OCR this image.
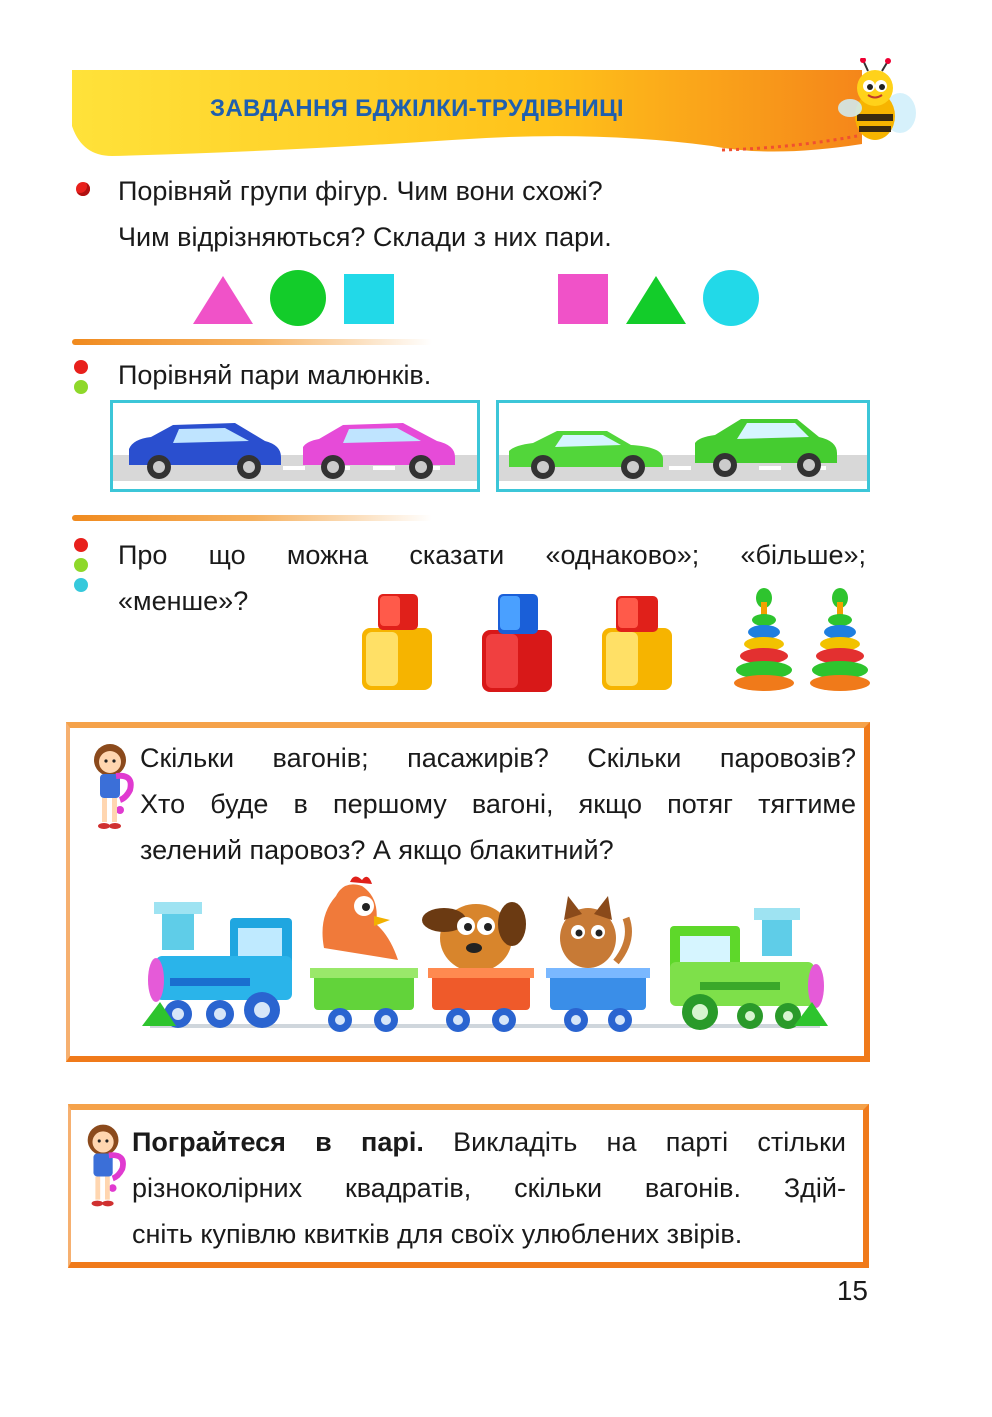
ЗАВДАННЯ БДЖІЛКИ-ТРУДІВНИЦІ
Порівняй групи фігур. Чим вони схожі?
Чим відрізняються? Склади з них пари.
Порівняй пари малюнків.
Про що можна сказати «однаково»; «більше»;
«менше»?
Скільки вагонів; пасажирів? Скільки паровозів?
Хто буде в першому вагоні, якщо потяг тягтиме
зелений паровоз? А якщо блакитний?
Пограйтеся в парі. Викладіть на парті стільки
різноколірних квадратів, скільки вагонів. Здій-
сніть купівлю квитків для своїх улюблених звірів.
15
